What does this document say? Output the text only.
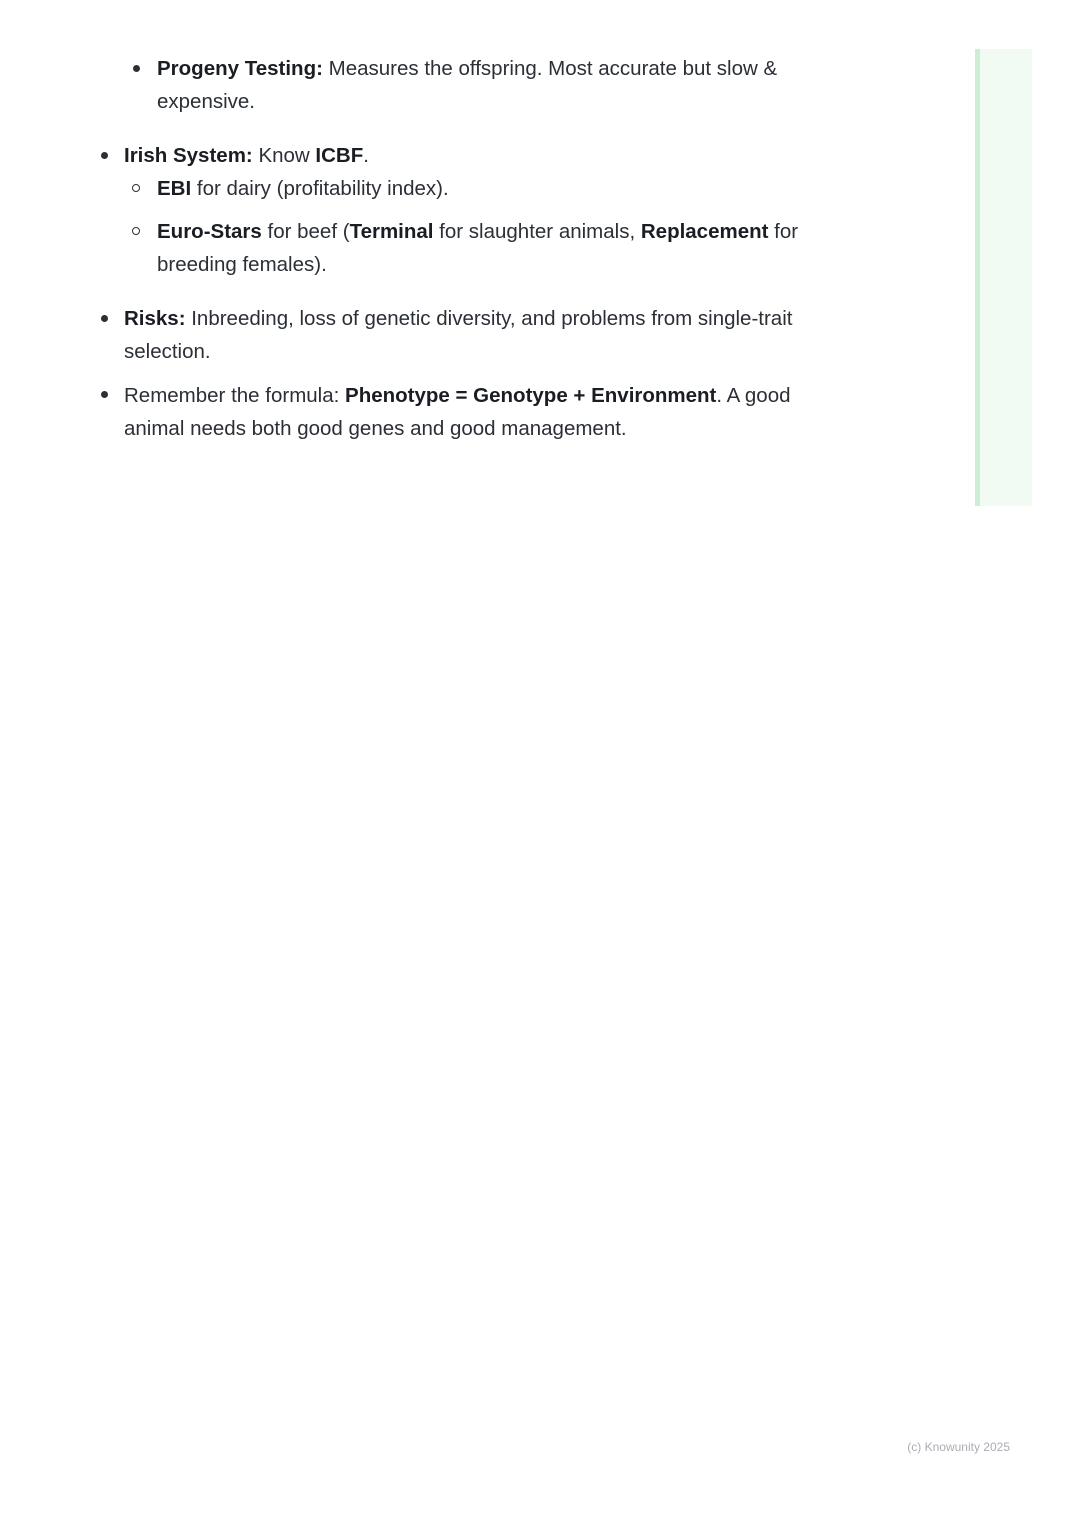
Progeny Testing: Measures the offspring. Most accurate but slow &
expensive.
Irish System: Know ICBF.
EBI for dairy (profitability index).
Euro-Stars for beef (Terminal for slaughter animals, Replacement for
breeding females).
Risks: Inbreeding, loss of genetic diversity, and problems from single-trait
selection.
Remember the formula: Phenotype = Genotype + Environment. A good
animal needs both good genes and good management.
(c) Knowunity 2025
